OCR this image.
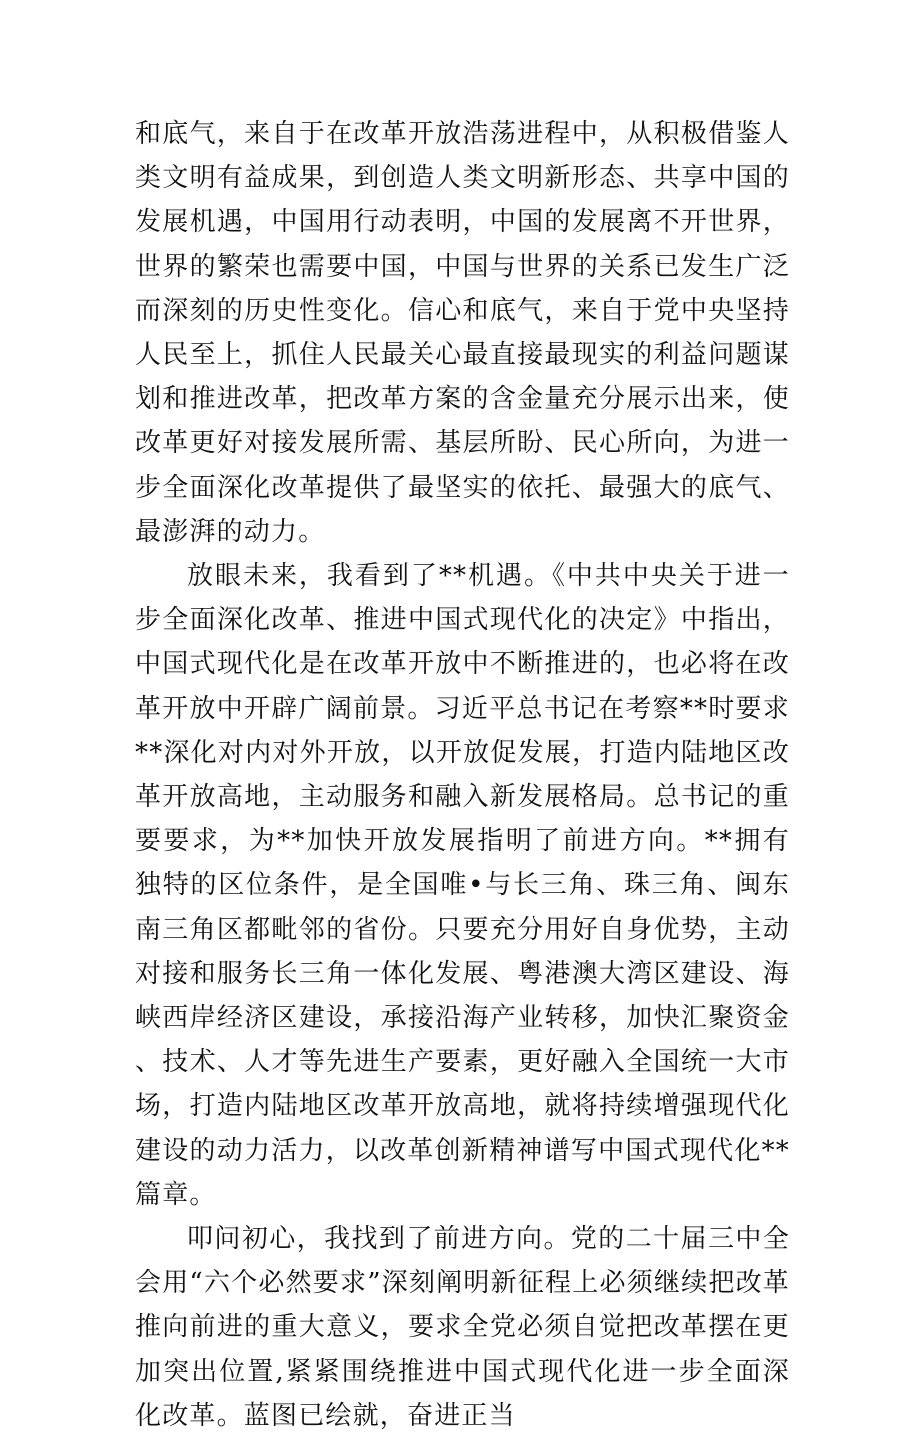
和底气，来自于在改革开放浩荡进程中，从积极借鉴人类文明有益成果，到创造人类文明新形态、共享中国的发展机遇，中国用行动表明，中国的发展离不开世界，世界的繁荣也需要中国，中国与世界的关系已发生广泛而深刻的历史性变化。信心和底气，来自于党中央坚持人民至上，抓住人民最关心最直接最现实的利益问题谋划和推进改革，把改革方案的含金量充分展示出来，使改革更好对接发展所需、基层所盼、民心所向，为进一步全面深化改革提供了最坚实的依托、最强大的底气、最澎湃的动力。

放眼未来，我看到了**机遇。《中共中央关于进一步全面深化改革、推进中国式现代化的决定》中指出，中国式现代化是在改革开放中不断推进的，也必将在改革开放中开辟广阔前景。习近平总书记在考察**时要求**深化对内对外开放，以开放促发展，打造内陆地区改革开放高地，主动服务和融入新发展格局。总书记的重要要求，为**加快开放发展指明了前进方向。**拥有独特的区位条件，是全国唯•与长三角、珠三角、闽东南三角区都毗邻的省份。只要充分用好自身优势，主动对接和服务长三角一体化发展、粤港澳大湾区建设、海峡西岸经济区建设，承接沿海产业转移，加快汇聚资金、技术、人才等先进生产要素，更好融入全国统一大市场，打造内陆地区改革开放高地，就将持续增强现代化建设的动力活力，以改革创新精神谱写中国式现代化**篇章。

叩问初心，我找到了前进方向。党的二十届三中全会用“六个必然要求”深刻阐明新征程上必须继续把改革推向前进的重大意义，要求全党必须自觉把改革摆在更加突出位置,紧紧围绕推进中国式现代化进一步全面深化改革。蓝图已绘就，奋进正当
